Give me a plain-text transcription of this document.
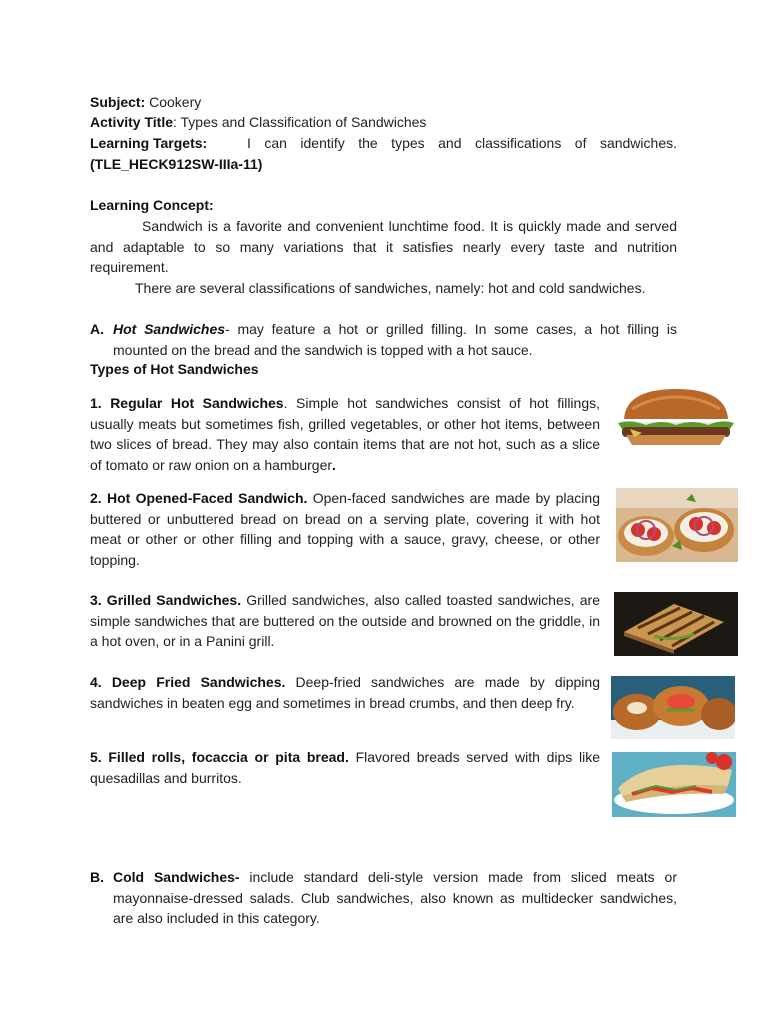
Subject: Cookery
Activity Title: Types and Classification of Sandwiches
Learning Targets:	I can identify the types and classifications of sandwiches.
(TLE_HECK912SW-IIIa-11)
Learning Concept:
Sandwich is a favorite and convenient lunchtime food. It is quickly made and served and adaptable to so many variations that it satisfies nearly every taste and nutrition requirement.
There are several classifications of sandwiches, namely: hot and cold sandwiches.
A. Hot Sandwiches- may feature a hot or grilled filling. In some cases, a hot filling is mounted on the bread and the sandwich is topped with a hot sauce.
Types of Hot Sandwiches
1. Regular Hot Sandwiches. Simple hot sandwiches consist of hot fillings, usually meats but sometimes fish, grilled vegetables, or other hot items, between two slices of bread. They may also contain items that are not hot, such as a slice of tomato or raw onion on a hamburger.
2. Hot Opened-Faced Sandwich. Open-faced sandwiches are made by placing buttered or unbuttered bread on bread on a serving plate, covering it with hot meat or other or other filling and topping with a sauce, gravy, cheese, or other topping.
3. Grilled Sandwiches. Grilled sandwiches, also called toasted sandwiches, are simple sandwiches that are buttered on the outside and browned on the griddle, in a hot oven, or in a Panini grill.
4. Deep Fried Sandwiches. Deep-fried sandwiches are made by dipping sandwiches in beaten egg and sometimes in bread crumbs, and then deep fry.
5. Filled rolls, focaccia or pita bread. Flavored breads served with dips like quesadillas and burritos.
B. Cold Sandwiches- include standard deli-style version made from sliced meats or mayonnaise-dressed salads. Club sandwiches, also known as multidecker sandwiches, are also included in this category.
